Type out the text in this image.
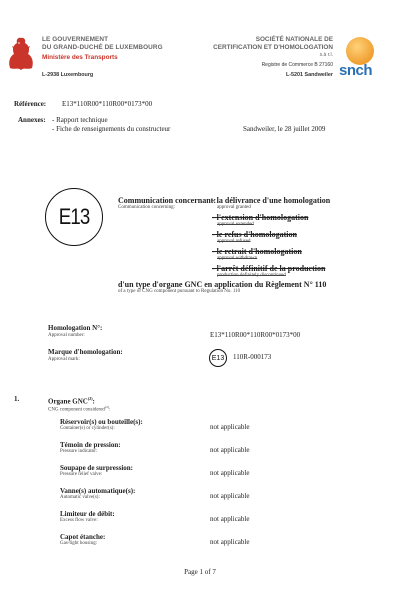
LE GOUVERNEMENT
DU GRAND-DUCHÉ DE LUXEMBOURG
Ministère des Transports
L-2938 Luxembourg
SOCIÉTÉ NATIONALE DE
CERTIFICATION ET D'HOMOLOGATION
s.à r.l.
Registre de Commerce B 27160
L-5201 Sandweiler snch
Référence: E13*110R00*110R00*0173*00
Annexes: - Rapport technique
- Fiche de renseignements du constructeur	Sandweiler, le 28 juillet 2009
E13
Communication concernant:
Communication concerning:
- la délivrance d'une homologation
approval granted
- l'extension d'homologation
approval extended
- le refus d'homologation
approval refused
- le retrait d'homologation
approval withdrawn
- l'arrêt définitif de la production
production definitely discontinued
d'un type d'organe GNC en application du Règlement N° 110
of a type of CNG component pursuant to Regulation No. 110
Homologation N°:
Approval number:	E13*110R00*110R00*0173*00
Marque d'homologation:
Approval mark:	E13 110R-000173
1.	Organe GNC$^{(2)}$:
CNG component considered$^{(2)}$:
Réservoir(s) ou bouteille(s):
Container(s) or cylinder(s):	not applicable
Témoin de pression:
Pressure indicator:	not applicable
Soupape de surpression:
Pressure relief valve:	not applicable
Vanne(s) automatique(s):
Automatic valve(s):	not applicable
Limiteur de débit:
Excess flow valve:	not applicable
Capot étanche:
Gas-tight housing:	not applicable
Page 1 of 7
